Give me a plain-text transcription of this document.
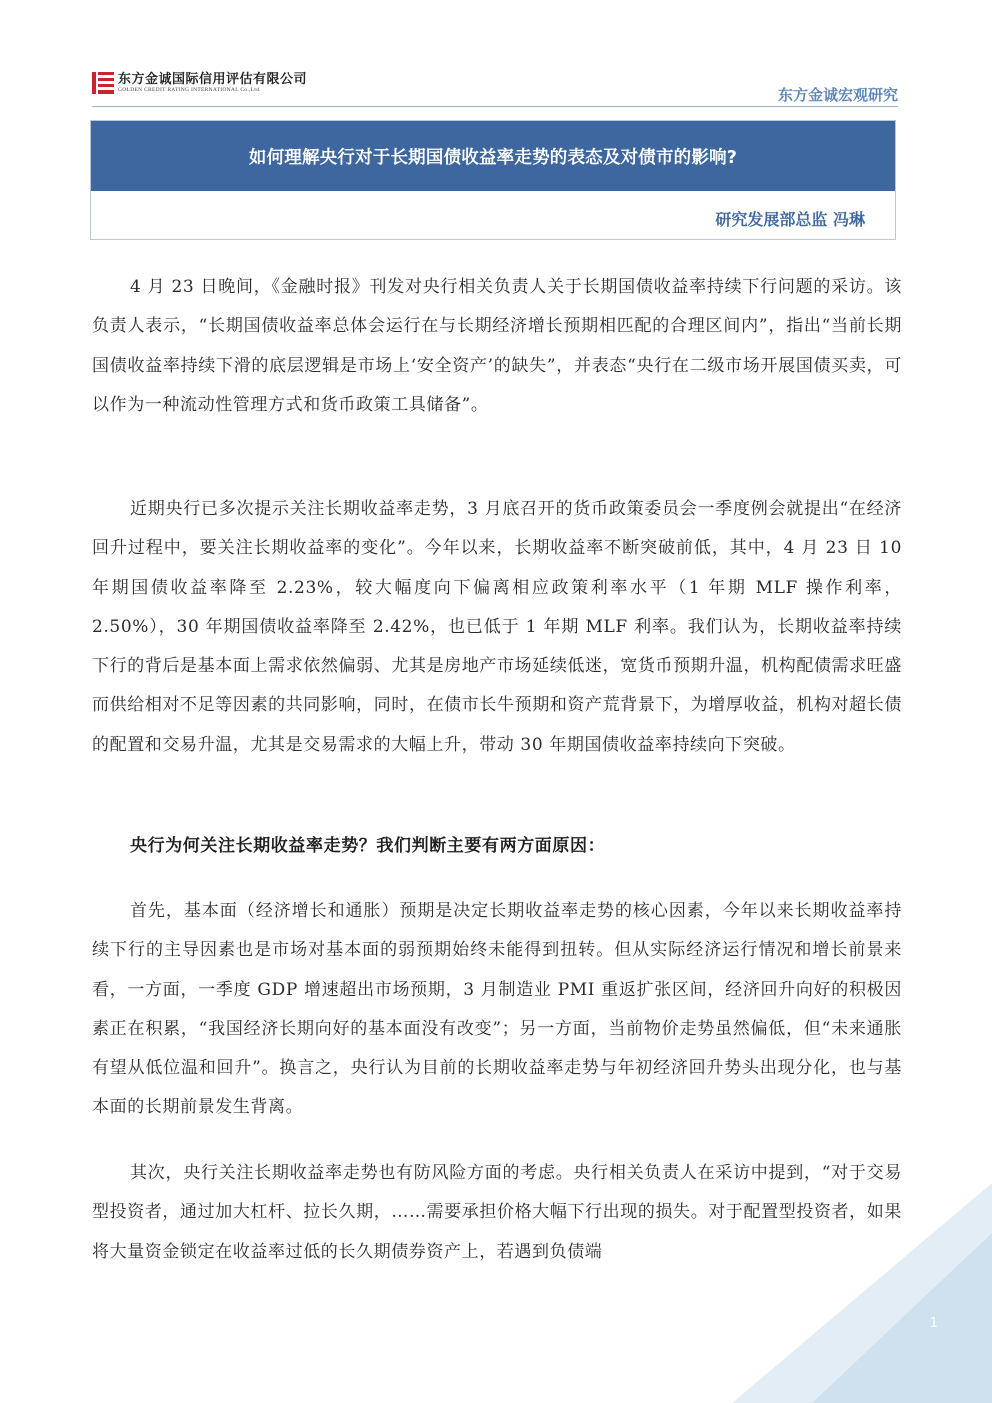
东方金诚国际信用评估有限公司
GOLDEN CREDIT RATING INTERNATIONAL Co.,Ltd.	东方金诚宏观研究
如何理解央行对于长期国债收益率走势的表态及对债市的影响?
研究发展部总监 冯琳

4 月 23 日晚间，《金融时报》刊发对央行相关负责人关于长期国债收益率持续下行问题的采访。该负责人表示，“长期国债收益率总体会运行在与长期经济增长预期相匹配的合理区间内”，指出“当前长期国债收益率持续下滑的底层逻辑是市场上‘安全资产’的缺失”，并表态“央行在二级市场开展国债买卖，可以作为一种流动性管理方式和货币政策工具储备”。

近期央行已多次提示关注长期收益率走势，3 月底召开的货币政策委员会一季度例会就提出“在经济回升过程中，要关注长期收益率的变化”。今年以来，长期收益率不断突破前低，其中，4 月 23 日 10 年期国债收益率降至 2.23%，较大幅度向下偏离相应政策利率水平（1 年期 MLF 操作利率，2.50%），30 年期国债收益率降至 2.42%，也已低于 1 年期 MLF 利率。我们认为，长期收益率持续下行的背后是基本面上需求依然偏弱、尤其是房地产市场延续低迷，宽货币预期升温，机构配债需求旺盛而供给相对不足等因素的共同影响，同时，在债市长牛预期和资产荒背景下，为增厚收益，机构对超长债的配置和交易升温，尤其是交易需求的大幅上升，带动 30 年期国债收益率持续向下突破。

央行为何关注长期收益率走势？我们判断主要有两方面原因：

首先，基本面（经济增长和通胀）预期是决定长期收益率走势的核心因素，今年以来长期收益率持续下行的主导因素也是市场对基本面的弱预期始终未能得到扭转。但从实际经济运行情况和增长前景来看，一方面，一季度 GDP 增速超出市场预期，3 月制造业 PMI 重返扩张区间，经济回升向好的积极因素正在积累，“我国经济长期向好的基本面没有改变”；另一方面，当前物价走势虽然偏低，但“未来通胀有望从低位温和回升”。换言之，央行认为目前的长期收益率走势与年初经济回升势头出现分化，也与基本面的长期前景发生背离。

其次，央行关注长期收益率走势也有防风险方面的考虑。央行相关负责人在采访中提到，“对于交易型投资者，通过加大杠杆、拉长久期，……需要承担价格大幅下行出现的损失。对于配置型投资者，如果将大量资金锁定在收益率过低的长久期债券资产上，若遇到负债端

1
